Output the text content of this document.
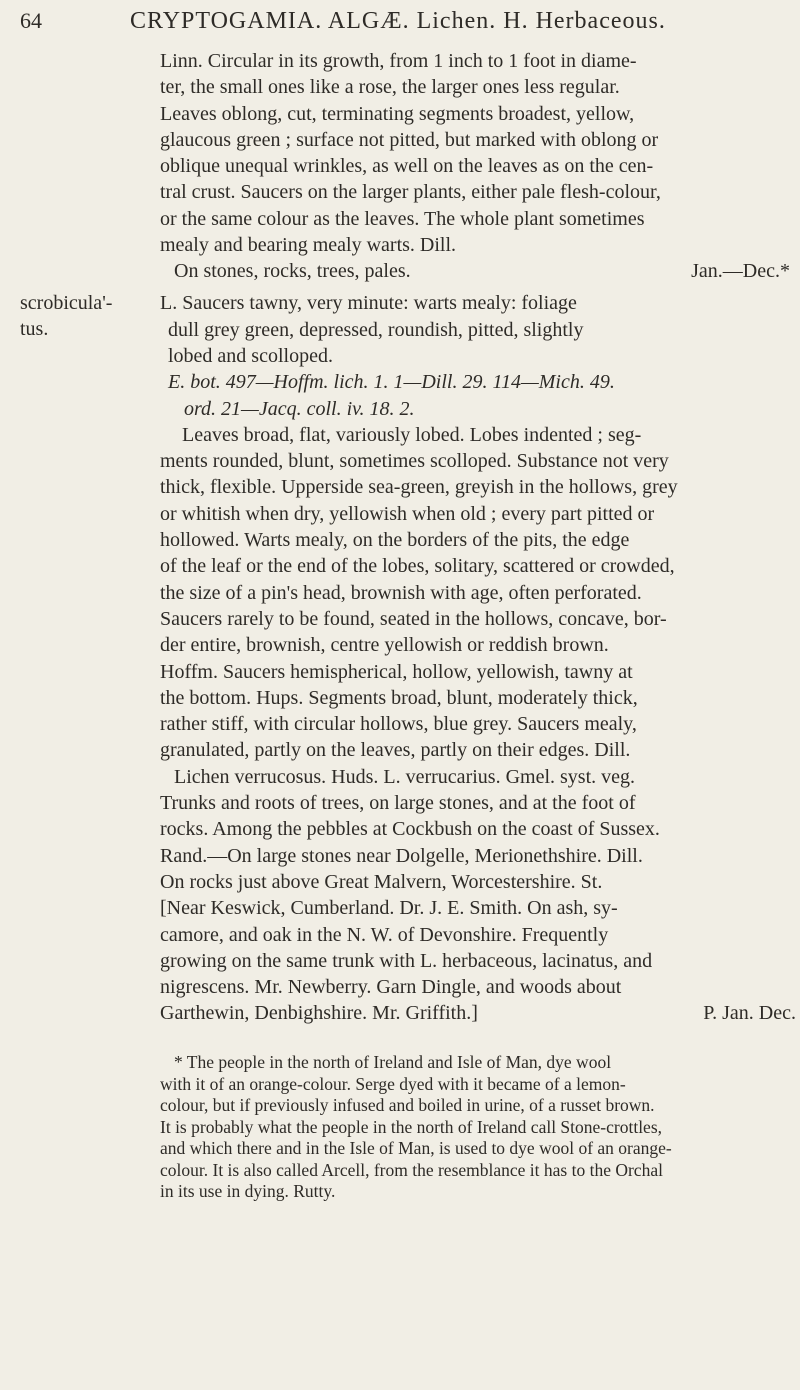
64	CRYPTOGAMIA. ALGÆ. Lichen. H. Herbaceous.
Linn. Circular in its growth, from 1 inch to 1 foot in diame-
ter, the small ones like a rose, the larger ones less regular.
Leaves oblong, cut, terminating segments broadest, yellow,
glaucous green ; surface not pitted, but marked with oblong or
oblique unequal wrinkles, as well on the leaves as on the cen-
tral crust. Saucers on the larger plants, either pale flesh-colour,
or the same colour as the leaves. The whole plant sometimes
mealy and bearing mealy warts. Dill.
On stones, rocks, trees, pales.	Jan.—Dec.*
scrobicula'-
tus.
L. Saucers tawny, very minute: warts mealy: foliage
dull grey green, depressed, roundish, pitted, slightly
lobed and scolloped.
E. bot. 497—Hoffm. lich. 1. 1—Dill. 29. 114—Mich. 49.
ord. 21—Jacq. coll. iv. 18. 2.
Leaves broad, flat, variously lobed. Lobes indented ; seg-
ments rounded, blunt, sometimes scolloped. Substance not very
thick, flexible. Upperside sea-green, greyish in the hollows, grey
or whitish when dry, yellowish when old ; every part pitted or
hollowed. Warts mealy, on the borders of the pits, the edge
of the leaf or the end of the lobes, solitary, scattered or crowded,
the size of a pin's head, brownish with age, often perforated.
Saucers rarely to be found, seated in the hollows, concave, bor-
der entire, brownish, centre yellowish or reddish brown.
Hoffm. Saucers hemispherical, hollow, yellowish, tawny at
the bottom. Hups. Segments broad, blunt, moderately thick,
rather stiff, with circular hollows, blue grey. Saucers mealy,
granulated, partly on the leaves, partly on their edges. Dill.
Lichen verrucosus. Huds. L. verrucarius. Gmel. syst. veg.
Trunks and roots of trees, on large stones, and at the foot of
rocks. Among the pebbles at Cockbush on the coast of Sussex.
Rand.—On large stones near Dolgelle, Merionethshire. Dill.
On rocks just above Great Malvern, Worcestershire. St.
[Near Keswick, Cumberland. Dr. J. E. Smith. On ash, sy-
camore, and oak in the N. W. of Devonshire. Frequently
growing on the same trunk with L. herbaceous, lacinatus, and
nigrescens. Mr. Newberry. Garn Dingle, and woods about
Garthewin, Denbighshire. Mr. Griffith.]	P. Jan. Dec.
* The people in the north of Ireland and Isle of Man, dye wool
with it of an orange-colour. Serge dyed with it became of a lemon-
colour, but if previously infused and boiled in urine, of a russet brown.
It is probably what the people in the north of Ireland call Stone-crottles,
and which there and in the Isle of Man, is used to dye wool of an orange-
colour. It is also called Arcell, from the resemblance it has to the Orchal
in its use in dying. Rutty.
